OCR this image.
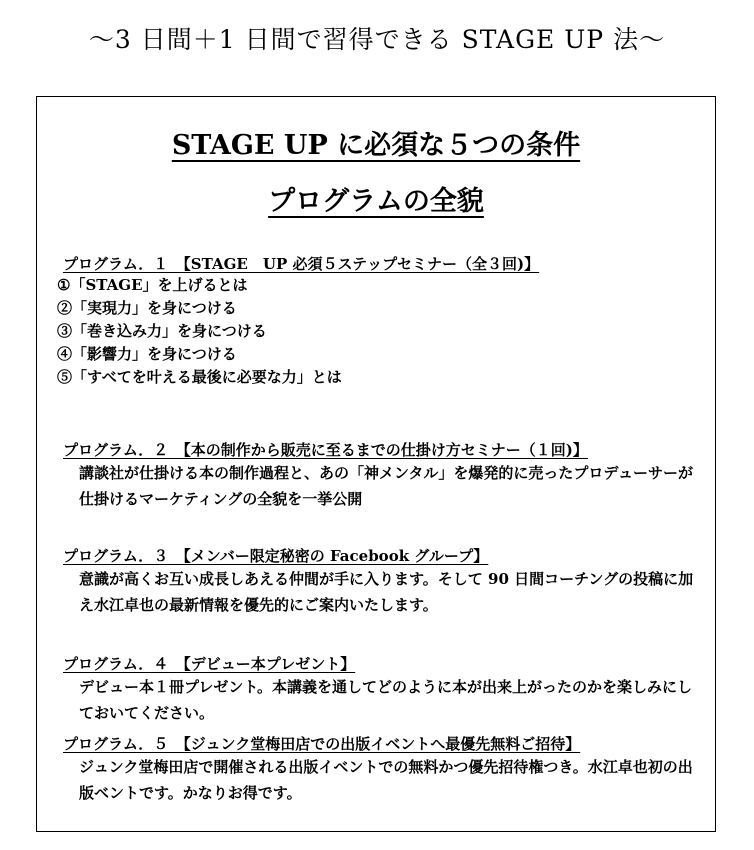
～3 日間＋1 日間で習得できる STAGE UP 法～
STAGE UP に必須な５つの条件
プログラムの全貌
プログラム．１　【STAGE　UP 必須５ステップセミナー（全３回)】
①「STAGE」を上げるとは
②「実現力」を身につける
③「巻き込み力」を身につける
④「影響力」を身につける
⑤「すべてを叶える最後に必要な力」とは
プログラム．２　【本の制作から販売に至るまでの仕掛け方セミナー（１回)】
講談社が仕掛ける本の制作過程と、あの「神メンタル」を爆発的に売ったプロデューサーが仕掛けるマーケティングの全貌を一挙公開
プログラム．３　【メンバー限定秘密の Facebook グループ】
意識が高くお互い成長しあえる仲間が手に入ります。そして 90 日間コーチングの投稿に加え水江卓也の最新情報を優先的にご案内いたします。
プログラム．４　【デビュー本プレゼント】
デビュー本１冊プレゼント。本講義を通してどのように本が出来上がったのかを楽しみにしておいてください。
プログラム．５　【ジュンク堂梅田店での出版イベントへ最優先無料ご招待】
ジュンク堂梅田店で開催される出版イベントでの無料かつ優先招待権つき。水江卓也初の出版ベントです。かなりお得です。
